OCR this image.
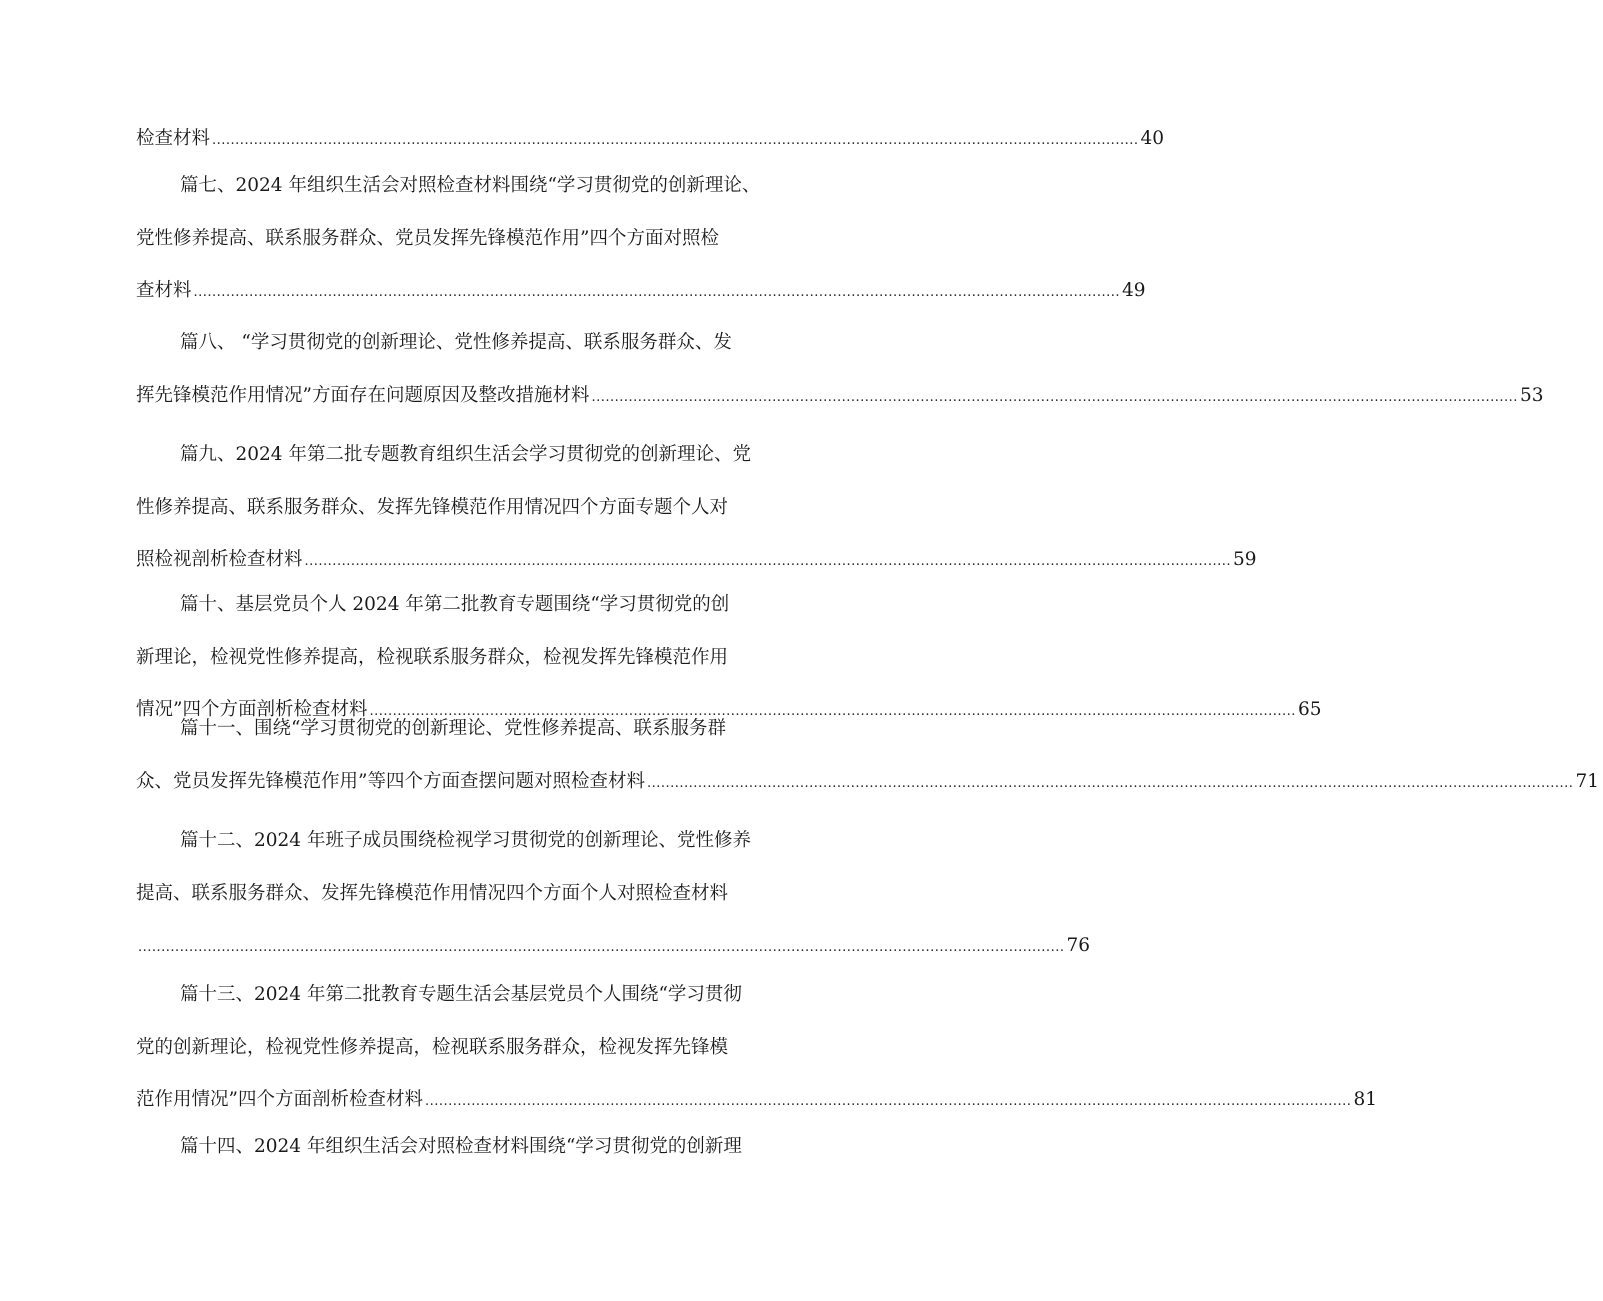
检查材料 ........................................................................................................................................................................................................ 40
篇七、2024 年组织生活会对照检查材料围绕“学习贯彻党的创新理论、
党性修养提高、联系服务群众、党员发挥先锋模范作用”四个方面对照检
查材料 ........................................................................................................................................................................................................ 49
篇八、 “学习贯彻党的创新理论、党性修养提高、联系服务群众、发
挥先锋模范作用情况”方面存在问题原因及整改措施材料 ........................................................................................................................................................................................................ 53
篇九、2024 年第二批专题教育组织生活会学习贯彻党的创新理论、党
性修养提高、联系服务群众、发挥先锋模范作用情况四个方面专题个人对
照检视剖析检查材料 ........................................................................................................................................................................................................ 59
篇十、基层党员个人 2024 年第二批教育专题围绕“学习贯彻党的创
新理论，检视党性修养提高，检视联系服务群众，检视发挥先锋模范作用
情况”四个方面剖析检查材料 ........................................................................................................................................................................................................ 65
篇十一、围绕“学习贯彻党的创新理论、党性修养提高、联系服务群
众、党员发挥先锋模范作用”等四个方面查摆问题对照检查材料 ........................................................................................................................................................................................................ 71
篇十二、2024 年班子成员围绕检视学习贯彻党的创新理论、党性修养
提高、联系服务群众、发挥先锋模范作用情况四个方面个人对照检查材料
........................................................................................................................................................................................................ 76
篇十三、2024 年第二批教育专题生活会基层党员个人围绕“学习贯彻
党的创新理论，检视党性修养提高，检视联系服务群众，检视发挥先锋模
范作用情况”四个方面剖析检查材料 ........................................................................................................................................................................................................ 81
篇十四、2024 年组织生活会对照检查材料围绕“学习贯彻党的创新理
